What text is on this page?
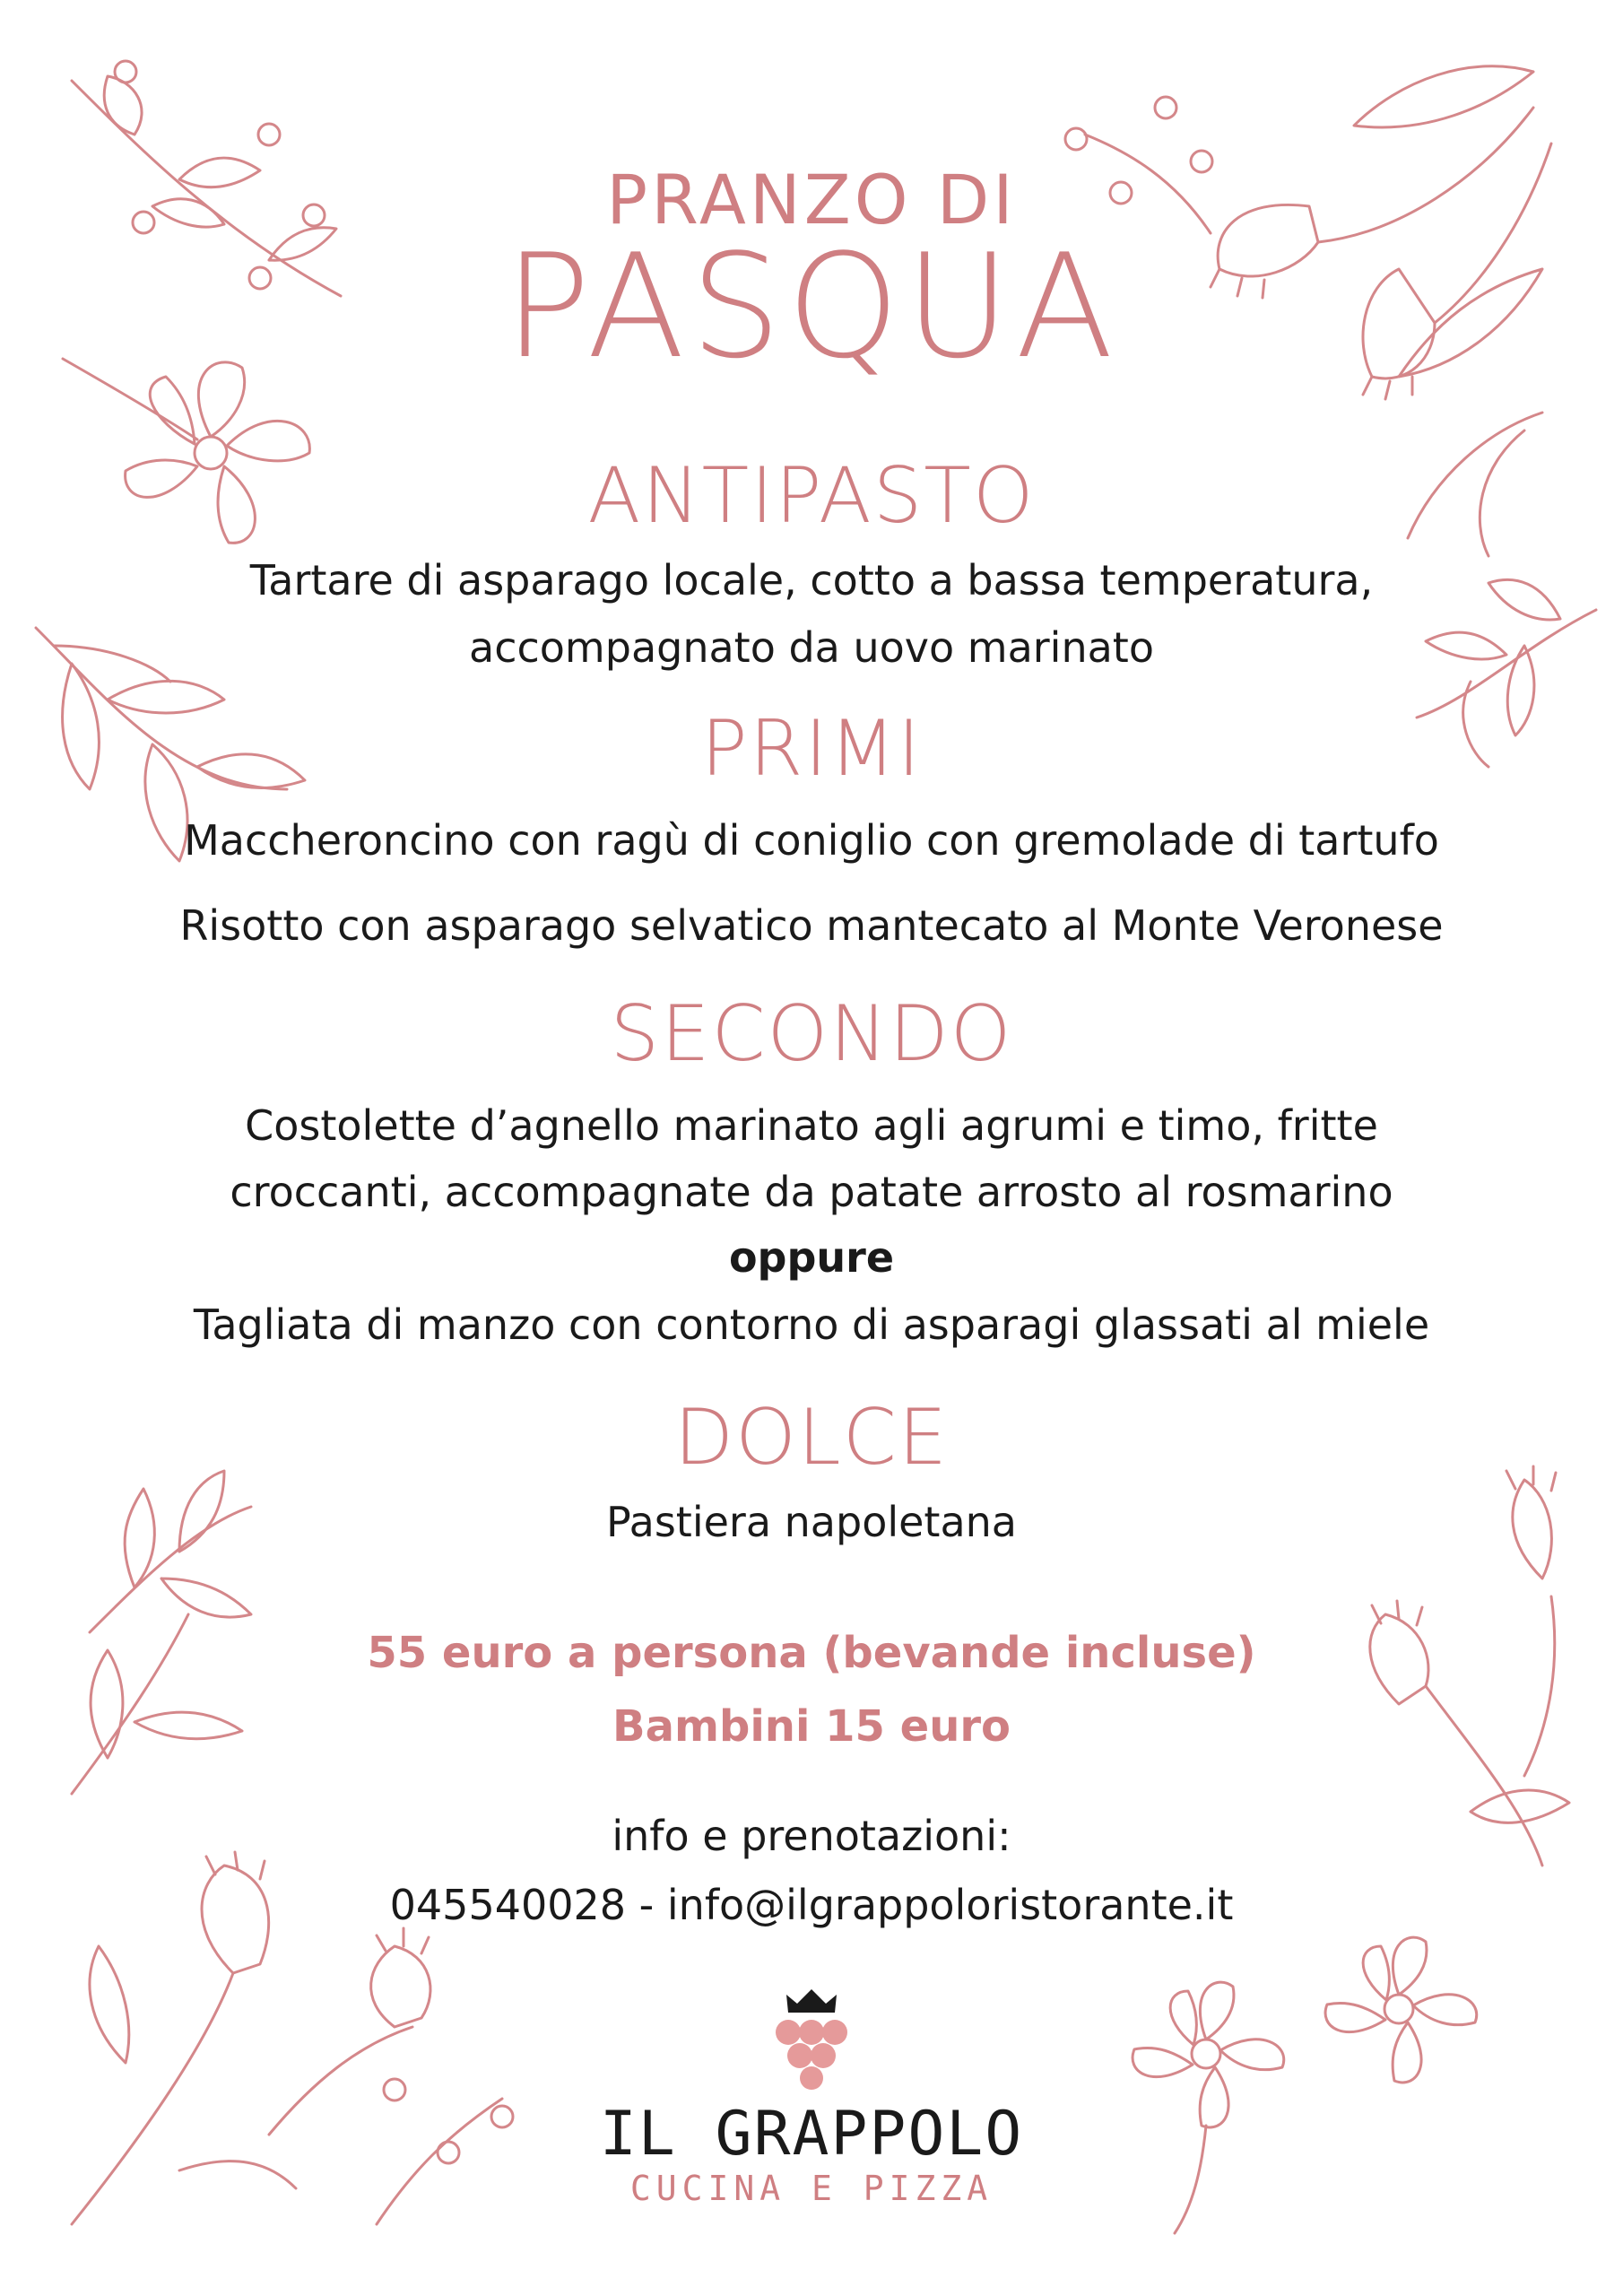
PRANZO DI
PASQUA
ANTIPASTO
Tartare di asparago locale, cotto a bassa temperatura,
accompagnato da uovo marinato
PRIMI
Maccheroncino con ragù di coniglio con gremolade di tartufo
Risotto con asparago selvatico mantecato al Monte Veronese
SECONDO
Costolette d’agnello marinato agli agrumi e timo, fritte
croccanti, accompagnate da patate arrosto al rosmarino
oppure
Tagliata di manzo con contorno di asparagi glassati al miele
DOLCE
Pastiera napoletana
55 euro a persona (bevande incluse)
Bambini 15 euro
info e prenotazioni:
045540028 - info@ilgrappoloristorante.it
IL GRAPPOLO
CUCINA E PIZZA
